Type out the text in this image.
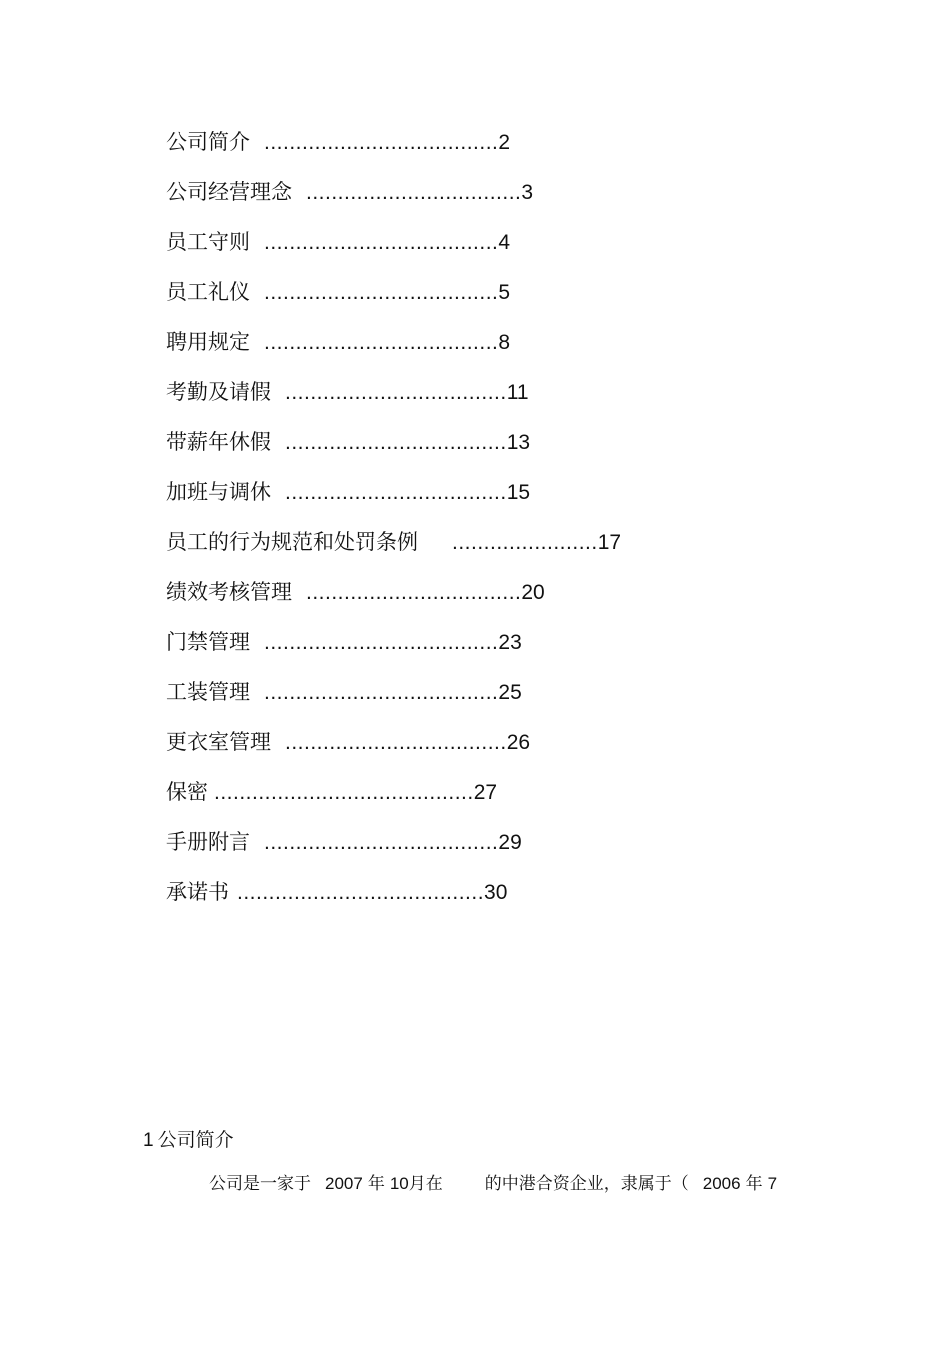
公司简介 .....................................2
公司经营理念 ..................................3
员工守则 .....................................4
员工礼仪 .....................................5
聘用规定 .....................................8
考勤及请假 ...................................11
带薪年休假 ...................................13
加班与调休 ...................................15
员工的行为规范和处罚条例 .......................17
绩效考核管理 ..................................20
门禁管理 .....................................23
工装管理 .....................................25
更衣室管理 ...................................26
保密 .........................................27
手册附言 .....................................29
承诺书 .......................................30
1 公司简介
公司是一家于 2007 年 10月在 的中港合资企业，隶属于（ 2006 年 7
